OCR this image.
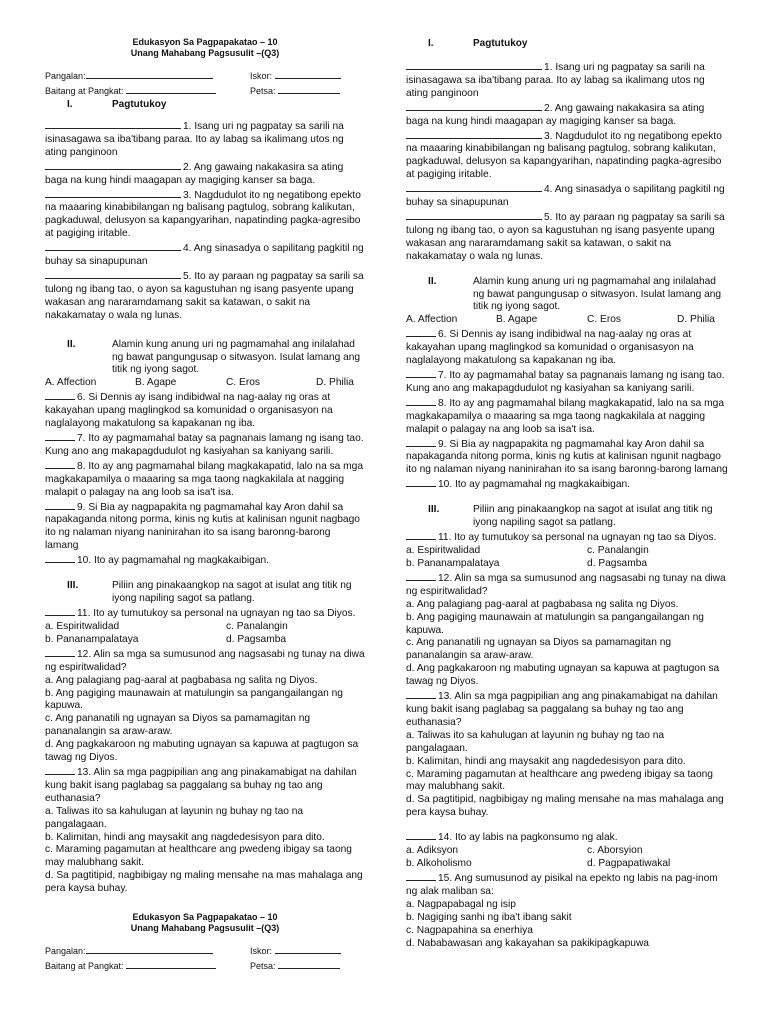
Edukasyon Sa Pagpapakatao – 10
Unang Mahabang Pagsusulit –(Q3)
Pangalan:	Iskor:
Baitang at Pangkat:	Petsa:
I.	Pagtutukoy
1. Isang uri ng pagpatay sa sarili na isinasagawa sa iba'tibang paraa. Ito ay labag sa ikalimang utos ng ating panginoon
2. Ang gawaing nakakasira sa ating baga na kung hindi maagapan ay magiging kanser sa baga.
3. Nagdudulot ito ng negatibong epekto na maaaring kinabibilangan ng balisang pagtulog, sobrang kalikutan, pagkaduwal, delusyon sa kapangyarihan, napatinding pagka-agresibo at pagiging iritable.
4. Ang sinasadya o sapilitang pagkitil ng buhay sa sinapupunan
5. Ito ay paraan ng pagpatay sa sarili sa tulong ng ibang tao, o ayon sa kagustuhan ng isang pasyente upang wakasan ang nararamdamang sakit sa katawan, o sakit na nakakamatay o wala ng lunas.
II.	Alamin kung anung uri ng pagmamahal ang inilalahad ng bawat pangungusap o sitwasyon. Isulat lamang ang titik ng iyong sagot.
A. Affection	B. Agape	C. Eros	D. Philia
6. Si Dennis ay isang indibidwal na nag-aalay ng oras at kakayahan upang maglingkod sa komunidad o organisasyon na naglalayong makatulong sa kapakanan ng iba.
7. Ito ay pagmamahal batay sa pagnanais lamang ng isang tao. Kung ano ang makapagdudulot ng kasiyahan sa kaniyang sarili.
8. Ito ay ang pagmamahal bilang magkakapatid, lalo na sa mga magkakapamilya o maaaring sa mga taong nagkakilala at nagging malapit o palagay na ang loob sa isa't isa.
9. Si Bia ay nagpapakita ng pagmamahal kay Aron dahil sa napakaganda nitong porma, kinis ng kutis at kalinisan ngunit nagbago ito ng nalaman niyang naninirahan ito sa isang baronng-barong lamang
10. Ito ay pagmamahal ng magkakaibigan.
III.	Piliin ang pinakaangkop na sagot at isulat ang titik ng iyong napiling sagot sa patlang.
11. Ito ay tumutukoy sa personal na ugnayan ng tao sa Diyos.
a. Espiritwalidad	c. Panalangin
b. Pananampalataya	d. Pagsamba
12. Alin sa mga sa sumusunod ang nagsasabi ng tunay na diwa ng espiritwalidad?
a. Ang palagiang pag-aaral at pagbabasa ng salita ng Diyos.
b. Ang pagiging maunawain at matulungin sa pangangailangan ng kapuwa.
c. Ang pananatili ng ugnayan sa Diyos sa pamamagitan ng pananalangin sa araw-araw.
d. Ang pagkakaroon ng mabuting ugnayan sa kapuwa at pagtugon sa tawag ng Diyos.
13. Alin sa mga pagpipilian ang ang pinakamabigat na dahilan kung bakit isang paglabag sa paggalang sa buhay ng tao ang euthanasia?
a. Taliwas ito sa kahulugan at layunin ng buhay ng tao na pangalagaan.
b. Kalimitan, hindi ang maysakit ang nagdedesisyon para dito.
c. Maraming pagamutan at healthcare ang pwedeng ibigay sa taong may malubhang sakit.
d. Sa pagtitipid, nagbibigay ng maling mensahe na mas mahalaga ang pera kaysa buhay.
Edukasyon Sa Pagpapakatao – 10
Unang Mahabang Pagsusulit –(Q3)
Pangalan:	Iskor:
Baitang at Pangkat:	Petsa:
I.	Pagtutukoy
1. Isang uri ng pagpatay sa sarili na isinasagawa sa iba'tibang paraa. Ito ay labag sa ikalimang utos ng ating panginoon
2. Ang gawaing nakakasira sa ating baga na kung hindi maagapan ay magiging kanser sa baga.
3. Nagdudulot ito ng negatibong epekto na maaaring kinabibilangan ng balisang pagtulog, sobrang kalikutan, pagkaduwal, delusyon sa kapangyarihan, napatinding pagka-agresibo at pagiging iritable.
4. Ang sinasadya o sapilitang pagkitil ng buhay sa sinapupunan
5. Ito ay paraan ng pagpatay sa sarili sa tulong ng ibang tao, o ayon sa kagustuhan ng isang pasyente upang wakasan ang nararamdamang sakit sa katawan, o sakit na nakakamatay o wala ng lunas.
II.	Alamin kung anung uri ng pagmamahal ang inilalahad ng bawat pangungusap o sitwasyon. Isulat lamang ang titik ng iyong sagot.
A. Affection	B. Agape	C. Eros	D. Philia
6. Si Dennis ay isang indibidwal na nag-aalay ng oras at kakayahan upang maglingkod sa komunidad o organisasyon na naglalayong makatulong sa kapakanan ng iba.
7. Ito ay pagmamahal batay sa pagnanais lamang ng isang tao. Kung ano ang makapagdudulot ng kasiyahan sa kaniyang sarili.
8. Ito ay ang pagmamahal bilang magkakapatid, lalo na sa mga magkakapamilya o maaaring sa mga taong nagkakilala at nagging malapit o palagay na ang loob sa isa't isa.
9. Si Bia ay nagpapakita ng pagmamahal kay Aron dahil sa napakaganda nitong porma, kinis ng kutis at kalinisan ngunit nagbago ito ng nalaman niyang naninirahan ito sa isang baronng-barong lamang
10. Ito ay pagmamahal ng magkakaibigan.
III.	Piliin ang pinakaangkop na sagot at isulat ang titik ng iyong napiling sagot sa patlang.
11. Ito ay tumutukoy sa personal na ugnayan ng tao sa Diyos.
a. Espiritwalidad	c. Panalangin
b. Pananampalataya	d. Pagsamba
12. Alin sa mga sa sumusunod ang nagsasabi ng tunay na diwa ng espiritwalidad?
a. Ang palagiang pag-aaral at pagbabasa ng salita ng Diyos.
b. Ang pagiging maunawain at matulungin sa pangangailangan ng kapuwa.
c. Ang pananatili ng ugnayan sa Diyos sa pamamagitan ng pananalangin sa araw-araw.
d. Ang pagkakaroon ng mabuting ugnayan sa kapuwa at pagtugon sa tawag ng Diyos.
13. Alin sa mga pagpipilian ang ang pinakamabigat na dahilan kung bakit isang paglabag sa paggalang sa buhay ng tao ang euthanasia?
a. Taliwas ito sa kahulugan at layunin ng buhay ng tao na pangalagaan.
b. Kalimitan, hindi ang maysakit ang nagdedesisyon para dito.
c. Maraming pagamutan at healthcare ang pwedeng ibigay sa taong may malubhang sakit.
d. Sa pagtitipid, nagbibigay ng maling mensahe na mas mahalaga ang pera kaysa buhay.
14. Ito ay labis na pagkonsumo ng alak.
a. Adiksyon	c. Aborsyion
b. Alkoholismo	d. Pagpapatiwakal
15. Ang sumusunod ay pisikal na epekto ng labis na pag-inom ng alak maliban sa:
a. Nagpapabagal ng isip
b. Nagiging sanhi ng iba't ibang sakit
c. Nagpapahina sa enerhiya
d. Nababawasan ang kakayahan sa pakikipagkapuwa
